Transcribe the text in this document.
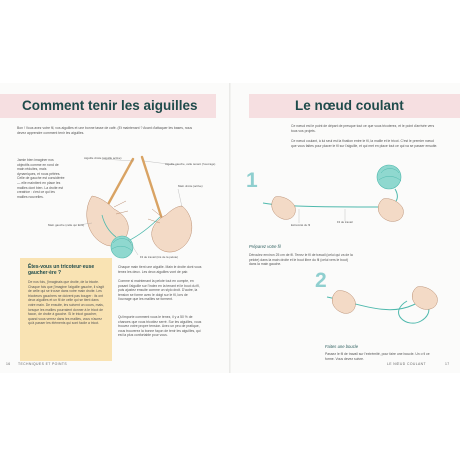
Comment tenir les aiguilles
Bon ! Vous avez votre fil, vos aiguilles et une bonne tasse de café. (Et maintenant ? Avant d'attaquer les bases, nous devez apprendre comment tenir les aiguilles.
Jamie bien imaginer nos objectifs comme en rond de main réduites, mais dynamiques, et nous pétées. Celle de gauche est considérée — elle maintient en place les mailles dont bien. La droite est creatrice : c'est ce qui les mailles nouvelles.
Aiguille droite (aiguille active)
Aiguille gauche, celle tenant (l'ouvrage)
Main droite (active)
Main gauche (celle qui tient)
Fil de travail (tiré de la pelote)
Êtes-vous un tricoteur·euse gaucher·ère ?
De nos fois, j'imaginais que droite, de la tricote. Chaque fois que j'imagine l'aiguille gauche, il s'agit de celle qui se trouve dans votre main droite. Les tricoteurs gauchers ne doivent pas bouger : ils ont deux aiguilles et un fil de celle qui se tient dans votre main. De ensuite, les suivent un cours, mais, lorsque les mailles pourraient donner à le tricot de facon, de droite à gauche. Si le tricot gaucher, quand vous verrez dans les mailles, vous n'aurez qu'à passer les éléments qui sont facile a tricot.
Chaque main tient une aiguille. Main le droite dont vous tenez les deux. Les deux aiguilles vont de pair.
Comme si maintenant la pelote tout en compte, en posant l'aiguille sur l'index en la tenant et le bout du fil, puis ajustez ensuite comme un stylo droit. D'autre, la tension se forme avec le doigt sur le fil, lors de l'ouvrage que les mailles se forment.
Qu'importe comment vous le tenez, il y a 50 % de chances que vous tricotiez serré. Sur les aiguilles, vous trouvez votre propre tension. Avec un peu de pratique, vous trouverez la bonne façon de tenir les aiguilles, qui est la plus confortable pour vous.
16 TECHNIQUES ET POINTS
Le nœud coulant
Ce nœud est le point de départ de presque tout ce que vous tricoterez, et le point d'arrivée vers tous vos projets.
Ce nœud coulant, à lui seul est la fixation entre le fil, la maille et le tricot. C'est le premier nœud que vous faites pour placer le fil sur l'aiguille, et qui met en place tout ce qui va se passer ensuite.
1
Extrémité du fil
Fil de travail
Préparez votre fil
Déroulez environ 25 cm de fil. Tenez le fil de travail (celui qui va de la pelote) dans la main droite et le bout libre du fil (celui vers le bout) dans la main gauche.
2
Faites une boucle
Passez le fil de travail sur l'extrémité, pour faire une boucle. Un o·il ce forme. Vous devez suivre.
LE NŒUD COULANT	17
